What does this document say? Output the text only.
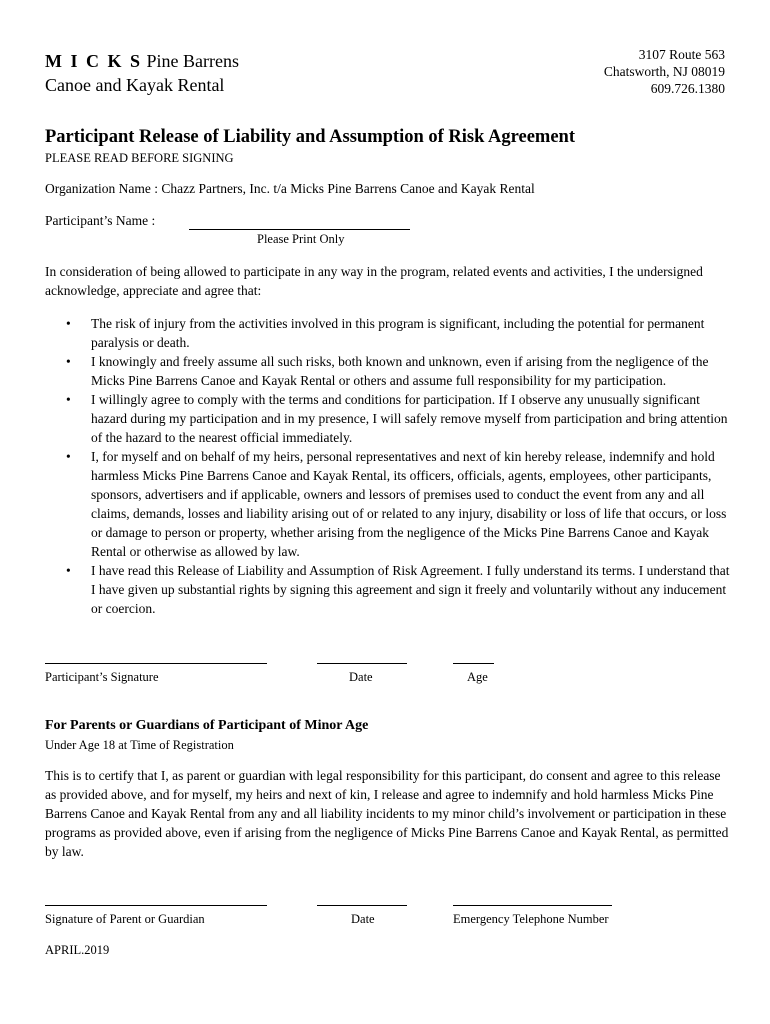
M I C K S Pine Barrens
Canoe and Kayak Rental
3107 Route 563
Chatsworth, NJ 08019
609.726.1380
Participant Release of Liability and Assumption of Risk Agreement
PLEASE READ BEFORE SIGNING
Organization Name : Chazz Partners, Inc. t/a Micks Pine Barrens Canoe and Kayak Rental
Participant’s Name :
Please Print Only
In consideration of being allowed to participate in any way in the program, related events and activities, I the undersigned acknowledge, appreciate and agree that:
• The risk of injury from the activities involved in this program is significant, including the potential for permanent paralysis or death.
• I knowingly and freely assume all such risks, both known and unknown, even if arising from the negligence of the Micks Pine Barrens Canoe and Kayak Rental or others and assume full responsibility for my participation.
• I willingly agree to comply with the terms and conditions for participation. If I observe any unusually significant hazard during my participation and in my presence, I will safely remove myself from participation and bring attention of the hazard to the nearest official immediately.
• I, for myself and on behalf of my heirs, personal representatives and next of kin hereby release, indemnify and hold harmless Micks Pine Barrens Canoe and Kayak Rental, its officers, officials, agents, employees, other participants, sponsors, advertisers and if applicable, owners and lessors of premises used to conduct the event from any and all claims, demands, losses and liability arising out of or related to any injury, disability or loss of life that occurs, or loss or damage to person or property, whether arising from the negligence of the Micks Pine Barrens Canoe and Kayak Rental or otherwise as allowed by law.
• I have read this Release of Liability and Assumption of Risk Agreement. I fully understand its terms. I understand that I have given up substantial rights by signing this agreement and sign it freely and voluntarily without any inducement or coercion.
Participant’s Signature	Date	Age
For Parents or Guardians of Participant of Minor Age
Under Age 18 at Time of Registration
This is to certify that I, as parent or guardian with legal responsibility for this participant, do consent and agree to this release as provided above, and for myself, my heirs and next of kin, I release and agree to indemnify and hold harmless Micks Pine Barrens Canoe and Kayak Rental from any and all liability incidents to my minor child’s involvement or participation in these programs as provided above, even if arising from the negligence of Micks Pine Barrens Canoe and Kayak Rental, as permitted by law.
Signature of Parent or Guardian	Date	Emergency Telephone Number
APRIL.2019
